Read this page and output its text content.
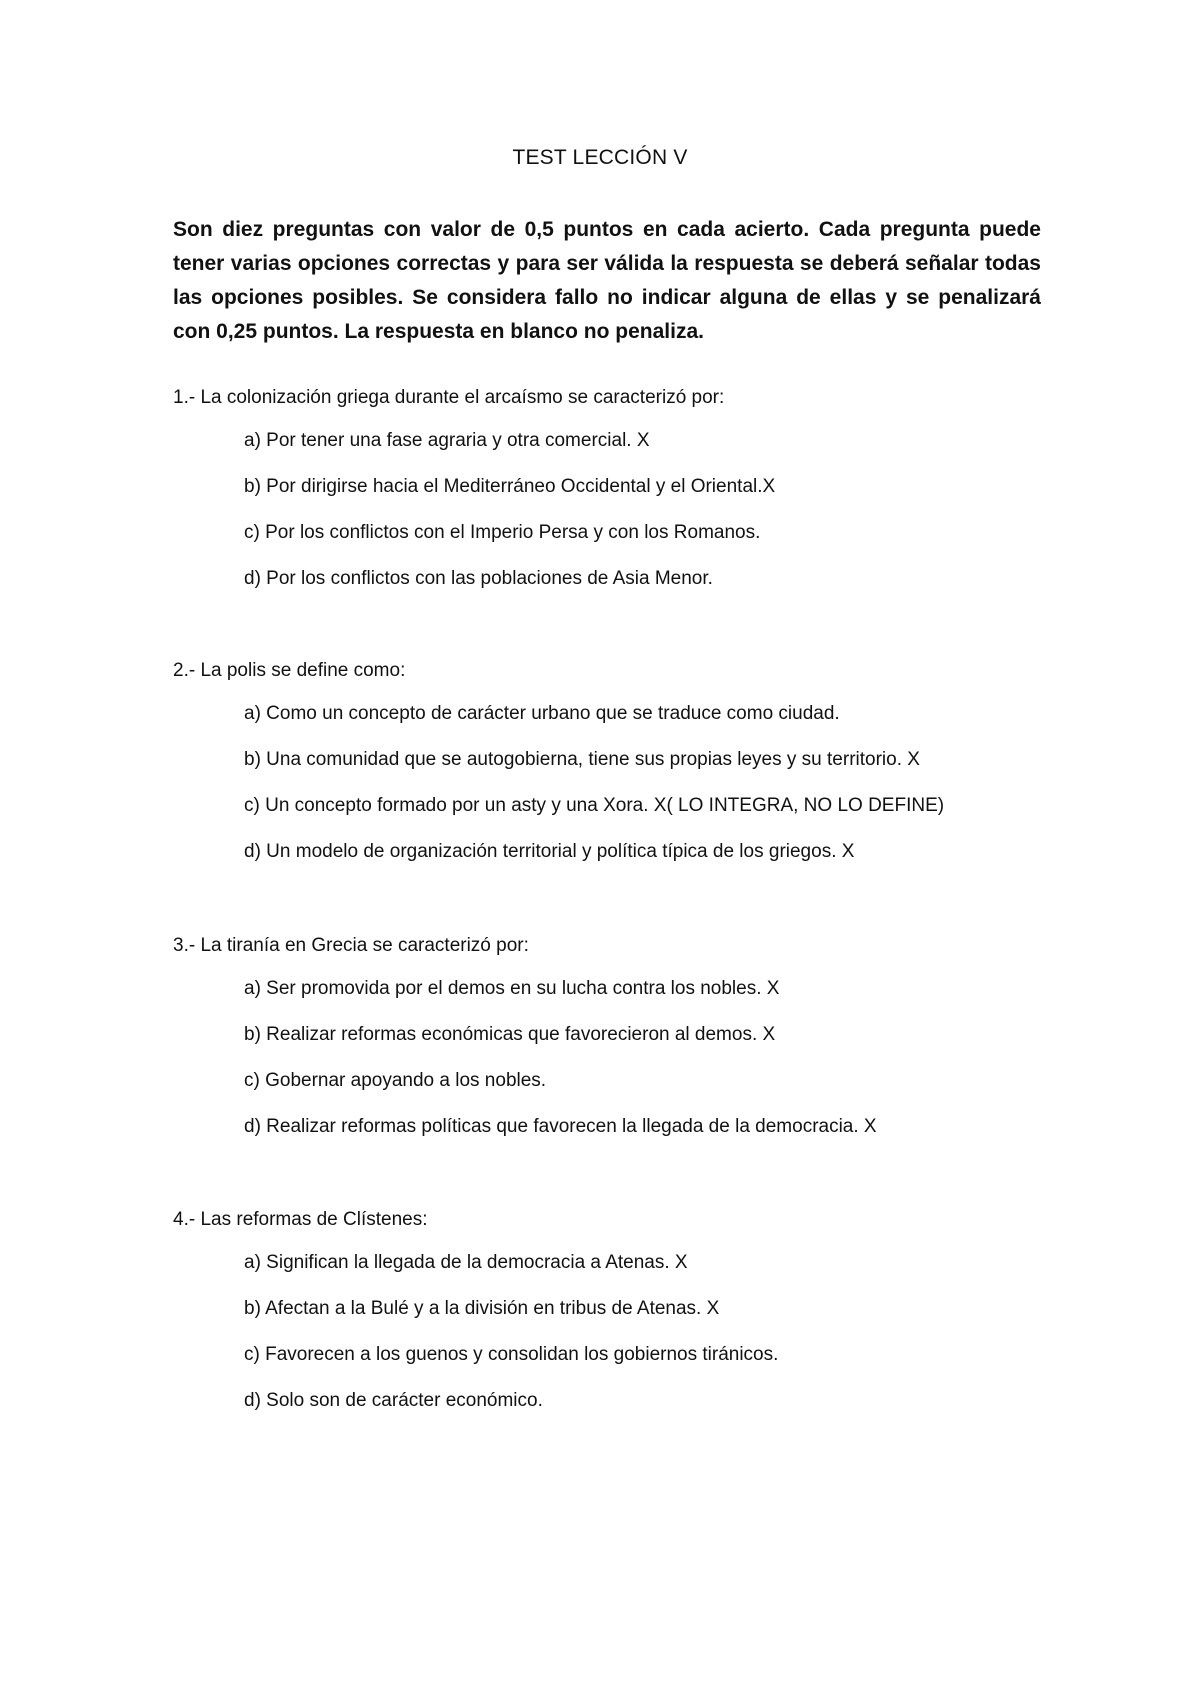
TEST LECCIÓN V

Son diez preguntas con valor de 0,5 puntos en cada acierto. Cada pregunta puede tener varias opciones correctas y para ser válida la respuesta se deberá señalar todas las opciones posibles. Se considera fallo no indicar alguna de ellas y se penalizará con 0,25 puntos. La respuesta en blanco no penaliza.

1.- La colonización griega durante el arcaísmo se caracterizó por:

a) Por tener una fase agraria y otra comercial. X

b) Por dirigirse hacia el Mediterráneo Occidental y el Oriental.X

c) Por los conflictos con el Imperio Persa y con los Romanos.

d) Por los conflictos con las poblaciones de Asia Menor.

2.- La polis se define como:

a) Como un concepto de carácter urbano que se traduce como ciudad.

b) Una comunidad que se autogobierna, tiene sus propias leyes y su territorio. X

c) Un concepto formado por un asty y una Xora. X( LO INTEGRA, NO LO DEFINE)

d) Un modelo de organización territorial y política típica de los griegos. X

3.- La tiranía en Grecia se caracterizó por:

a) Ser promovida por el demos en su lucha contra los nobles. X

b) Realizar reformas económicas que favorecieron al demos. X

c) Gobernar apoyando a los nobles.

d) Realizar reformas políticas que favorecen la llegada de la democracia. X

4.- Las reformas de Clístenes:

a) Significan la llegada de la democracia a Atenas. X

b) Afectan a la Bulé y a la división en tribus de Atenas. X

c) Favorecen a los guenos y consolidan los gobiernos tiránicos.

d) Solo son de carácter económico.
